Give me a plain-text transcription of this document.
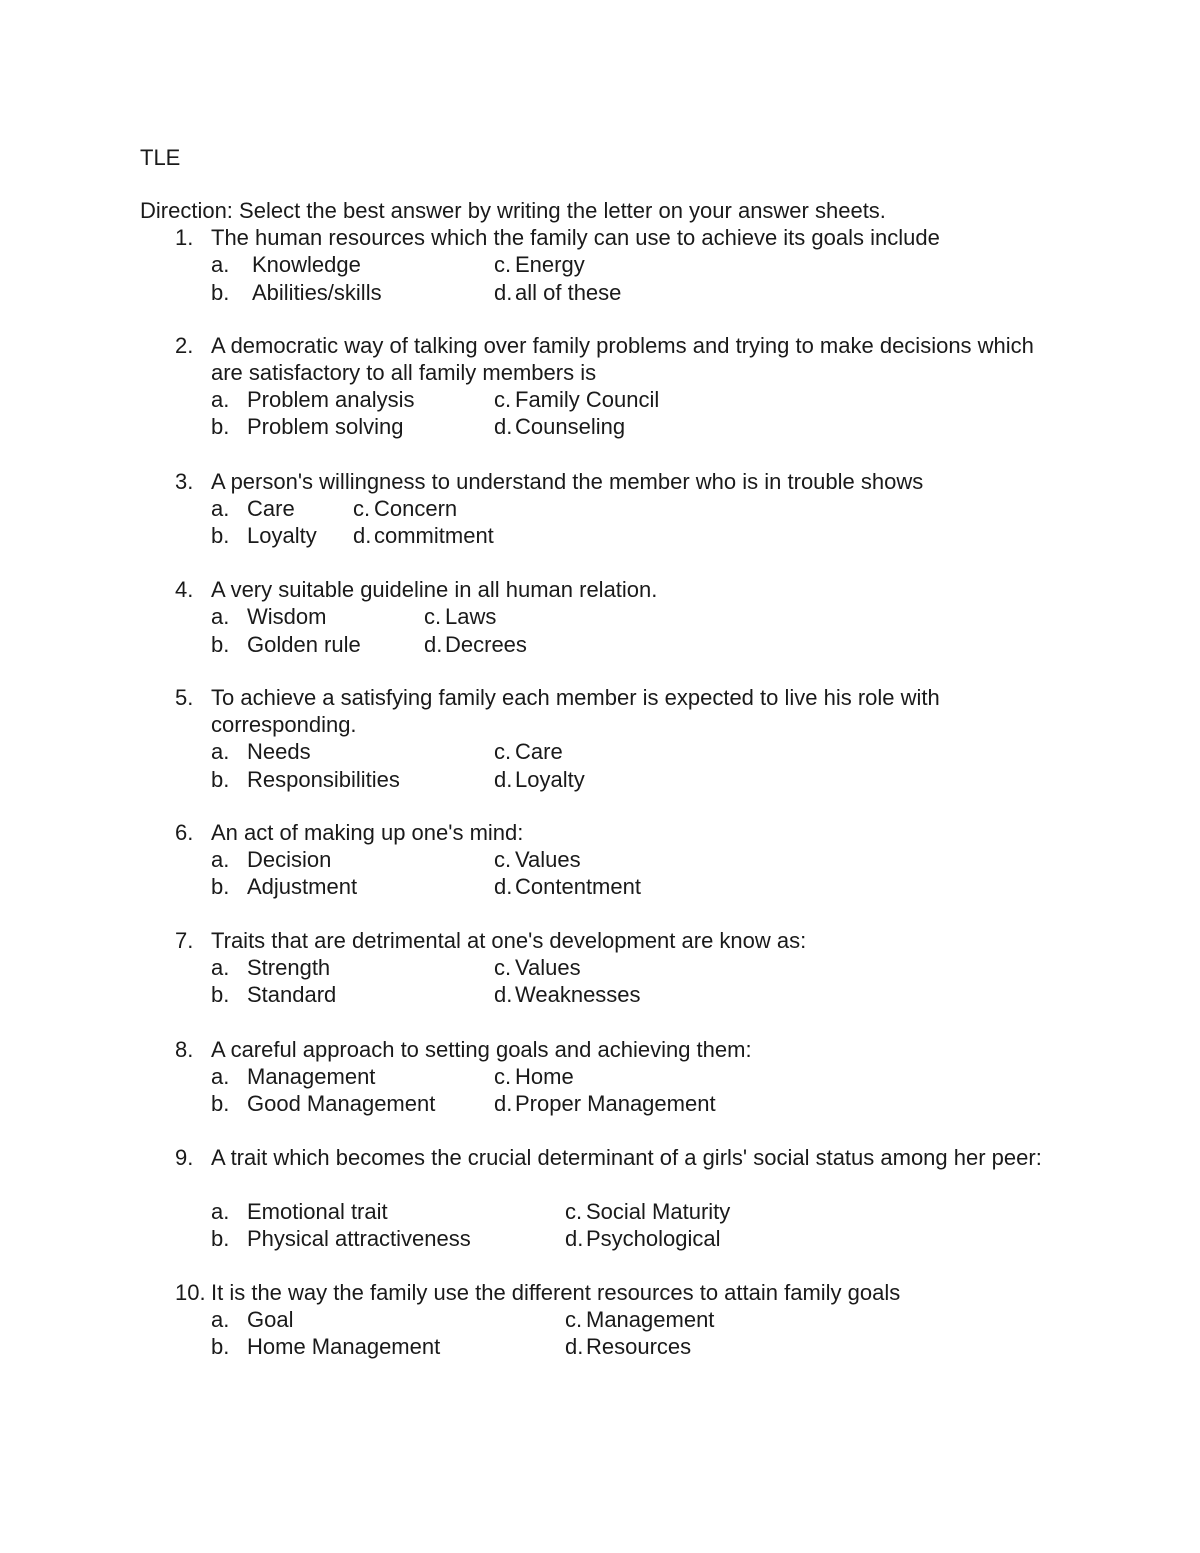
TLE
Direction: Select the best answer by writing the letter on your answer sheets.
1. The human resources which the family can use to achieve its goals include
a. Knowledge
b. Abilities/skills
c. Energy
d. all of these
2. A democratic way of talking over family problems and trying to make decisions which are satisfactory to all family members is
a. Problem analysis
b. Problem solving
c. Family Council
d. Counseling
3. A person's willingness to understand the member who is in trouble shows
a. Care
b. Loyalty
c. Concern
d. commitment
4. A very suitable guideline in all human relation.
a. Wisdom
b. Golden rule
c. Laws
d. Decrees
5. To achieve a satisfying family each member is expected to live his role with corresponding.
a. Needs
b. Responsibilities
c. Care
d. Loyalty
6. An act of making up one's mind:
a. Decision
b. Adjustment
c. Values
d. Contentment
7. Traits that are detrimental at one's development are know as:
a. Strength
b. Standard
c. Values
d. Weaknesses
8. A careful approach to setting goals and achieving them:
a. Management
b. Good Management
c. Home
d. Proper Management
9. A trait which becomes the crucial determinant of a girls' social status among her peer:
a. Emotional trait
b. Physical attractiveness
c. Social Maturity
d. Psychological
10. It is the way the family use the different resources to attain family goals
a. Goal
b. Home Management
c. Management
d. Resources
